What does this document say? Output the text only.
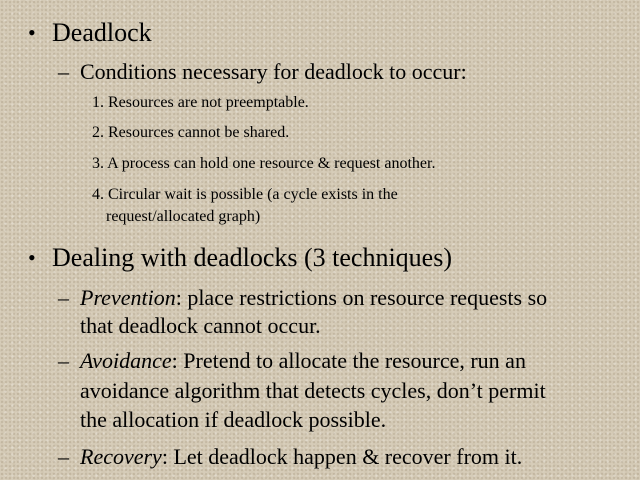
• Deadlock
– Conditions necessary for deadlock to occur:
1. Resources are not preemptable.
2. Resources cannot be shared.
3. A process can hold one resource & request another.
4. Circular wait is possible (a cycle exists in the
request/allocated graph)
• Dealing with deadlocks (3 techniques)
– Prevention: place restrictions on resource requests so
that deadlock cannot occur.
– Avoidance: Pretend to allocate the resource, run an
avoidance algorithm that detects cycles, don’t permit
the allocation if deadlock possible.
– Recovery: Let deadlock happen & recover from it.
